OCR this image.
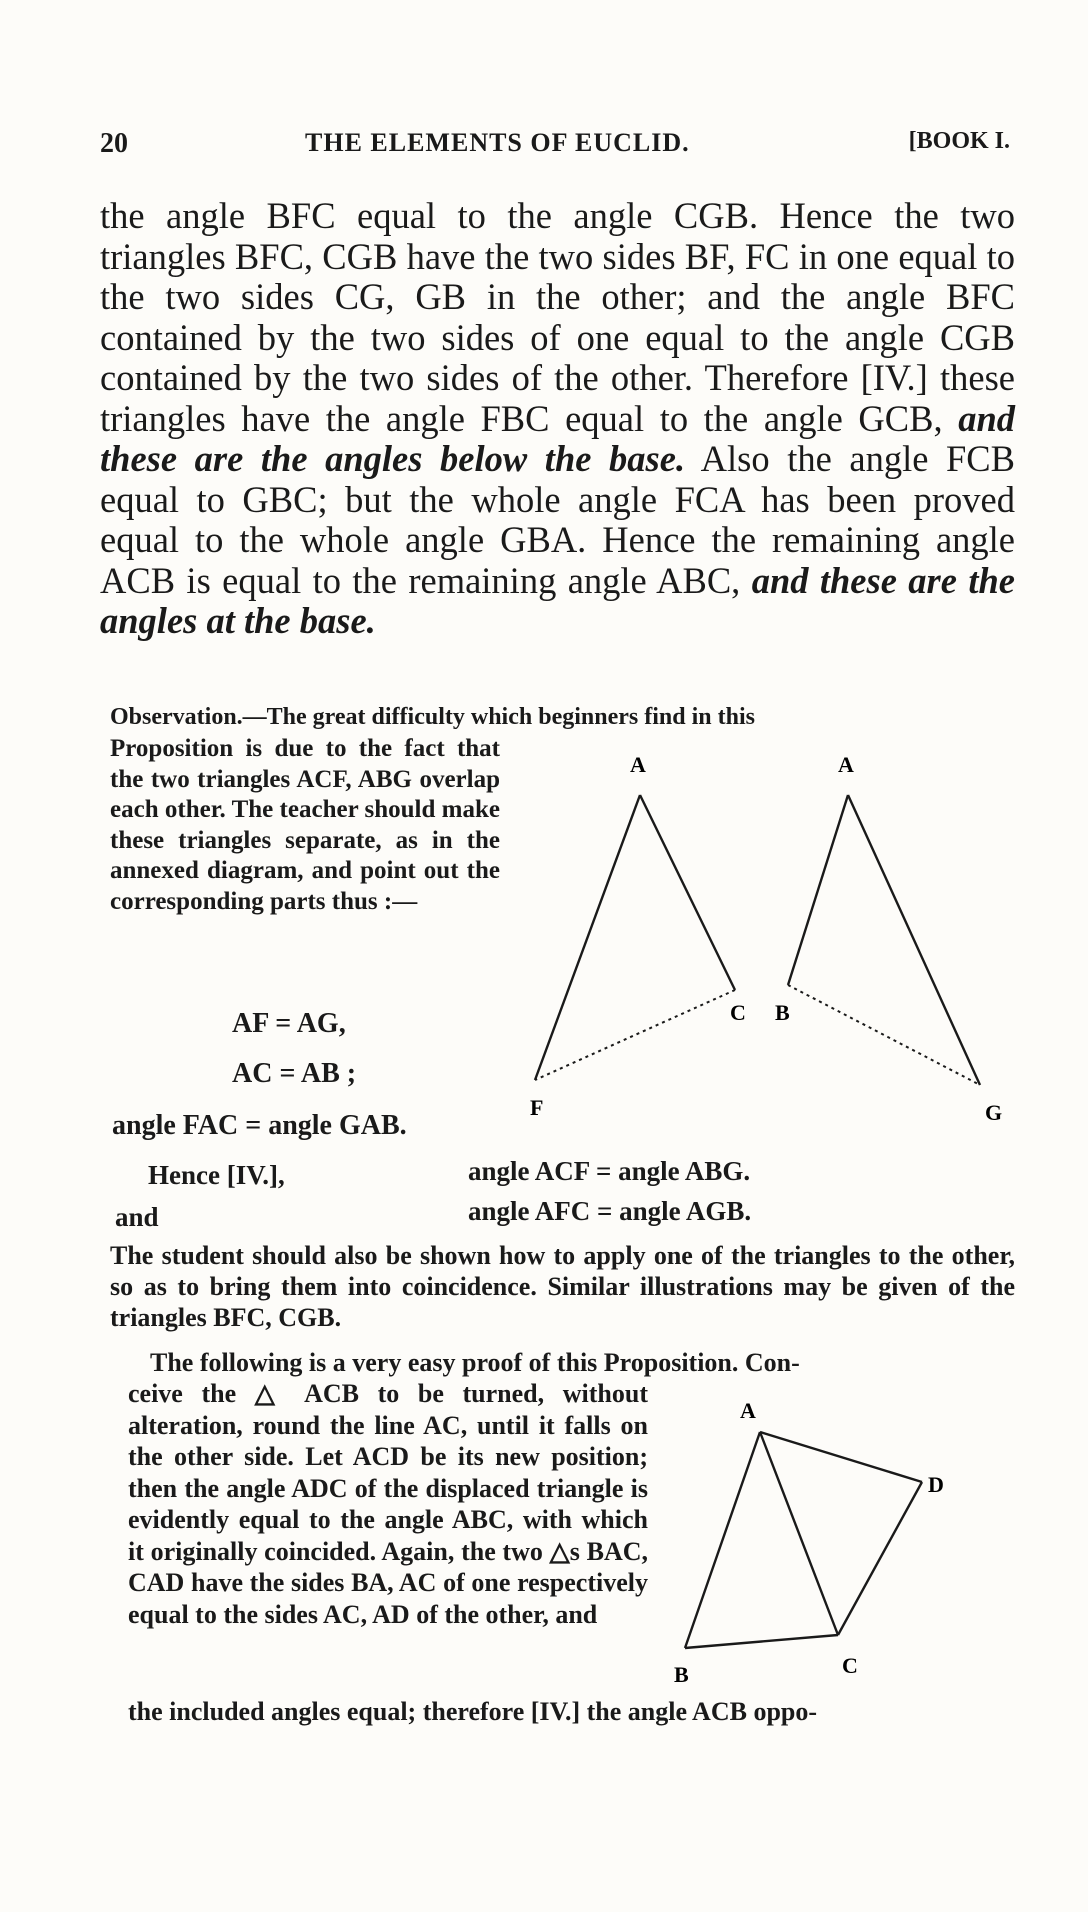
20	THE ELEMENTS OF EUCLID.	[BOOK I.
the angle BFC equal to the angle CGB. Hence the two triangles BFC, CGB have the two sides BF, FC in one equal to the two sides CG, GB in the other; and the angle BFC contained by the two sides of one equal to the angle CGB contained by the two sides of the other. Therefore [IV.] these triangles have the angle FBC equal to the angle GCB, and these are the angles below the base. Also the angle FCB equal to GBC; but the whole angle FCA has been proved equal to the whole angle GBA. Hence the remaining angle ACB is equal to the remaining angle ABC, and these are the angles at the base.
Observation.—The great difficulty which beginners find in this
Proposition is due to the fact that the two triangles ACF, ABG overlap each other. The teacher should make these triangles separate, as in the annexed diagram, and point out the corresponding parts thus :—
AF = AG,
AC = AB ;
angle FAC = angle GAB.
Hence [IV.],	angle ACF = angle ABG.
and	angle AFC = angle AGB.
A	A
C B
F	G
The student should also be shown how to apply one of the triangles to the other, so as to bring them into coincidence. Similar illustrations may be given of the triangles BFC, CGB.
The following is a very easy proof of this Proposition. Con-
ceive the △ ACB to be turned, without alteration, round the line AC, until it falls on the other side. Let ACD be its new position; then the angle ADC of the displaced triangle is evidently equal to the angle ABC, with which it originally coincided. Again, the two △s BAC, CAD have the sides BA, AC of one respectively equal to the sides AC, AD of the other, and
the included angles equal; therefore [IV.] the angle ACB oppo-
A
D
B	C
